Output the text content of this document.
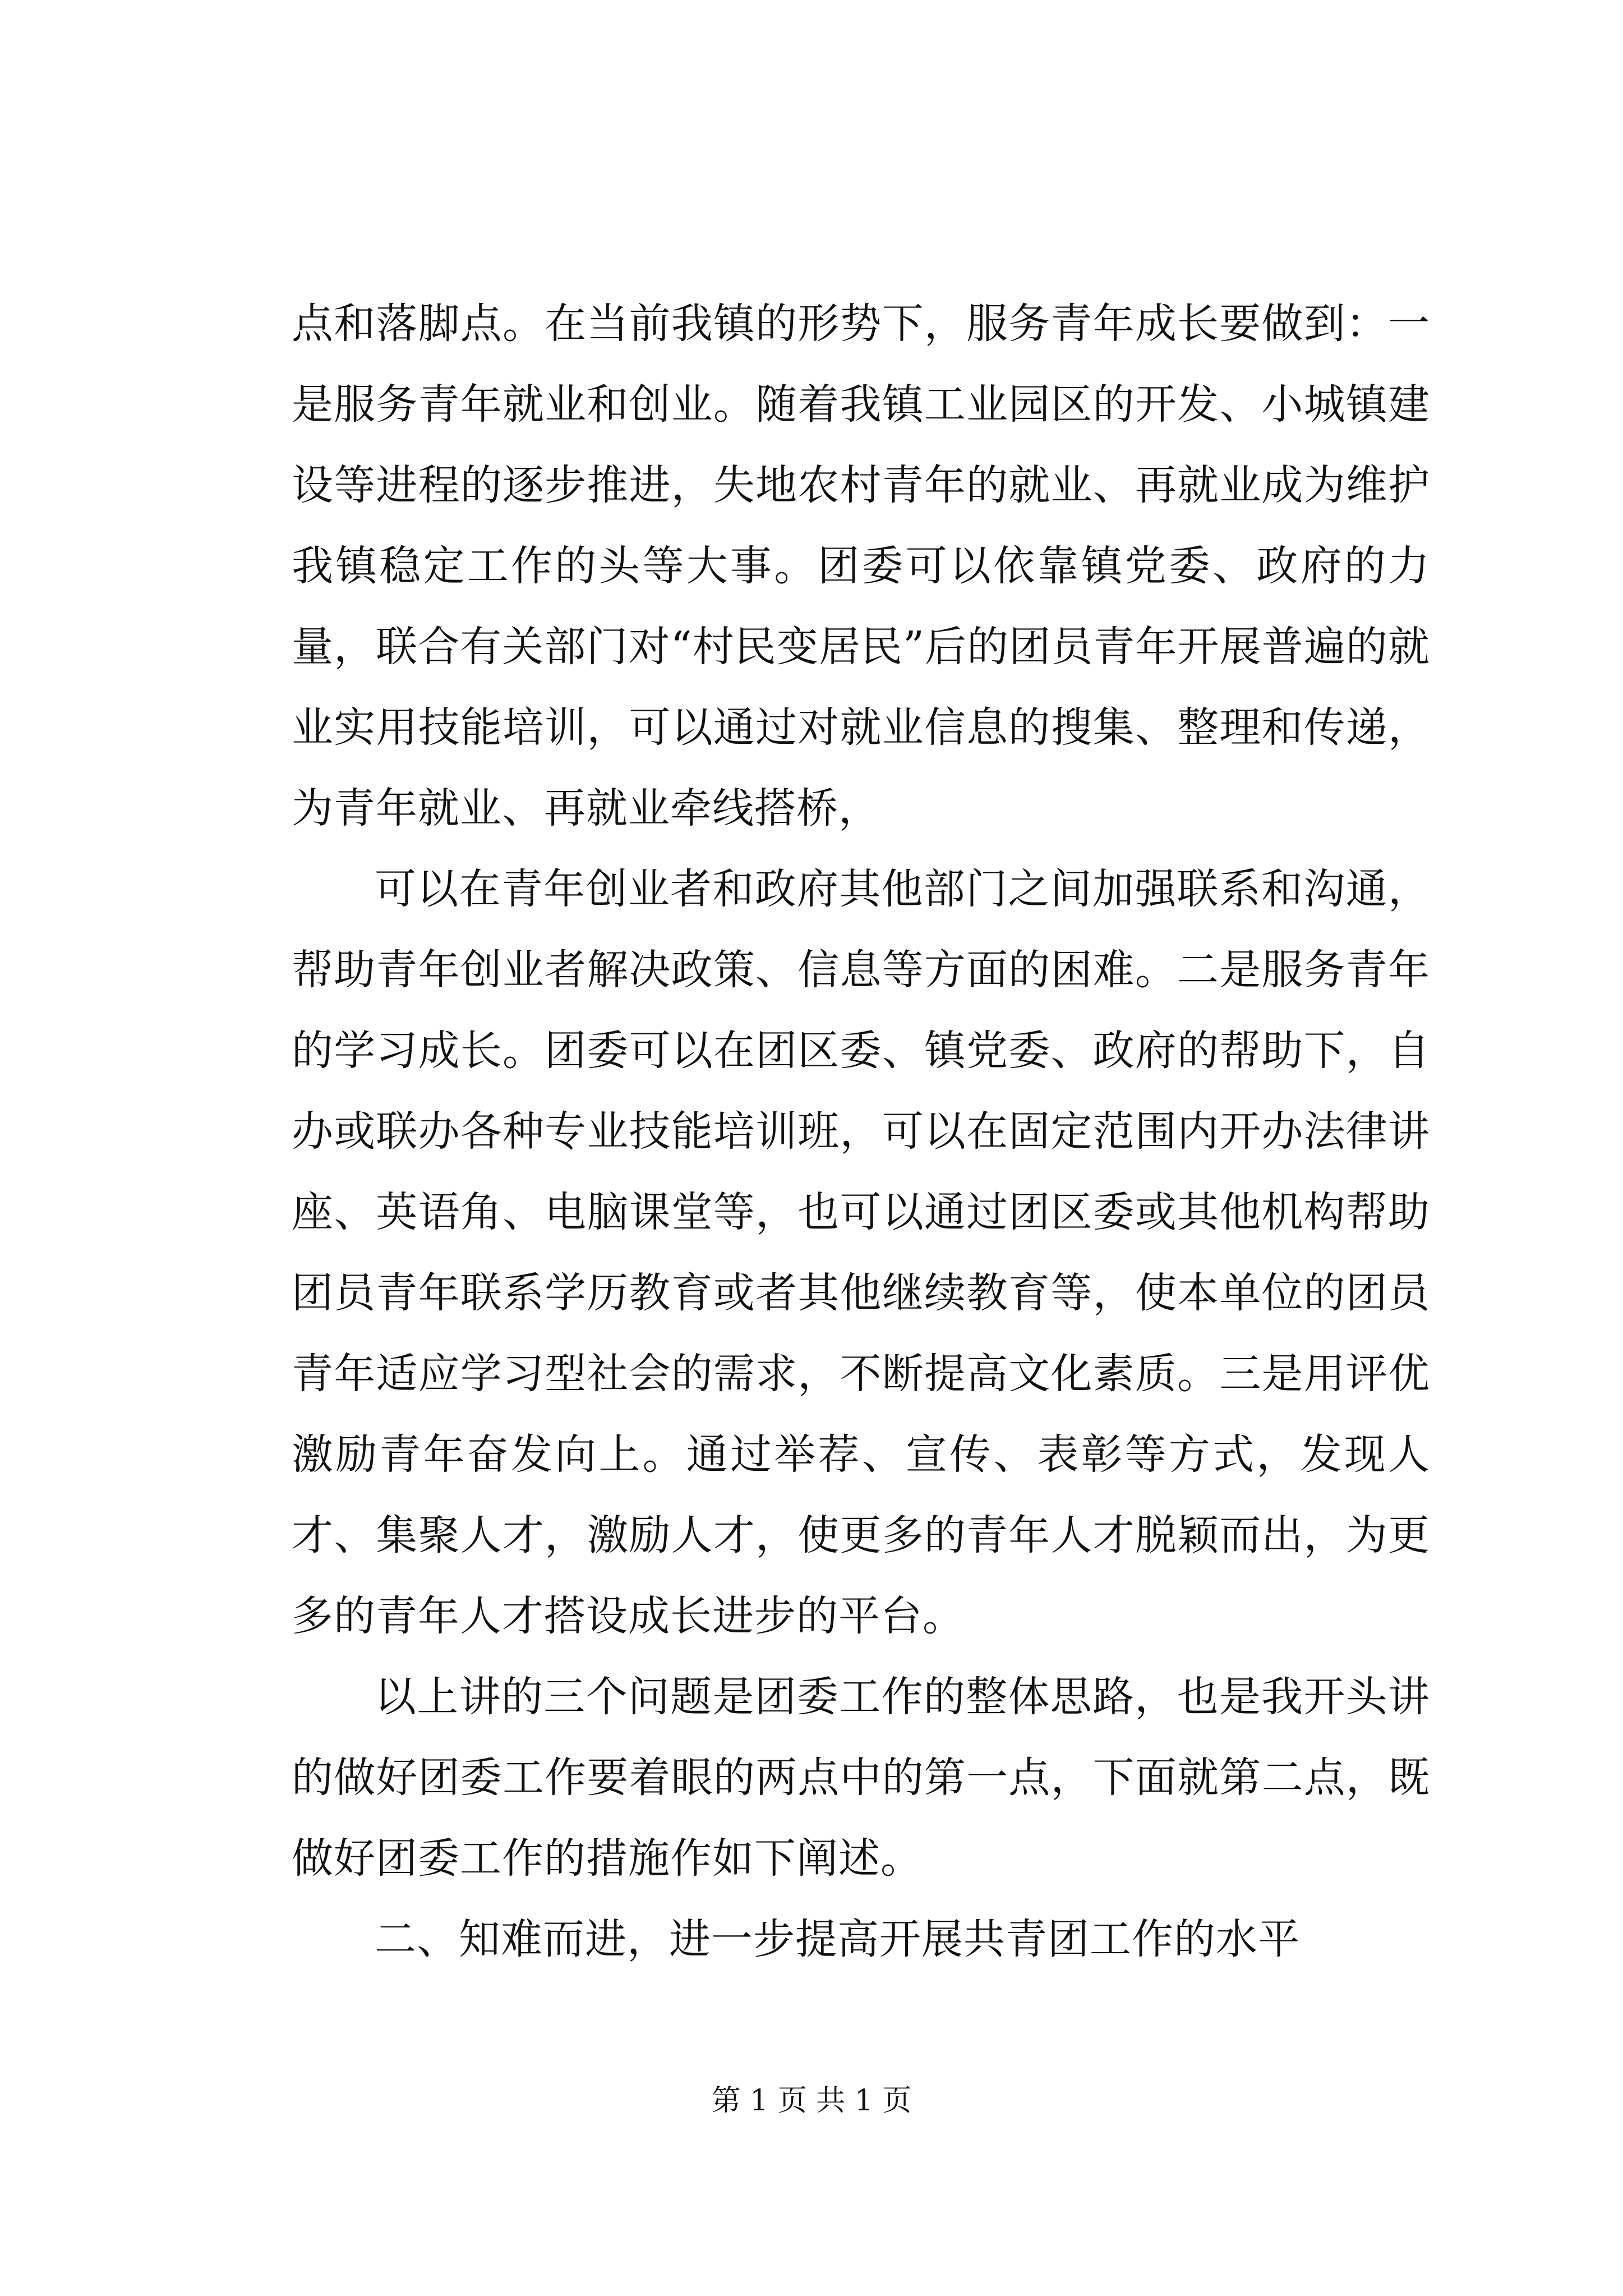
点和落脚点。在当前我镇的形势下，服务青年成长要做到：一是服务青年就业和创业。随着我镇工业园区的开发、小城镇建设等进程的逐步推进，失地农村青年的就业、再就业成为维护我镇稳定工作的头等大事。团委可以依靠镇党委、政府的力量，联合有关部门对“村民变居民”后的团员青年开展普遍的就业实用技能培训，可以通过对就业信息的搜集、整理和传递，为青年就业、再就业牵线搭桥，

可以在青年创业者和政府其他部门之间加强联系和沟通，帮助青年创业者解决政策、信息等方面的困难。二是服务青年的学习成长。团委可以在团区委、镇党委、政府的帮助下，自办或联办各种专业技能培训班，可以在固定范围内开办法律讲座、英语角、电脑课堂等，也可以通过团区委或其他机构帮助团员青年联系学历教育或者其他继续教育等，使本单位的团员青年适应学习型社会的需求，不断提高文化素质。三是用评优激励青年奋发向上。通过举荐、宣传、表彰等方式，发现人才、集聚人才，激励人才，使更多的青年人才脱颖而出，为更多的青年人才搭设成长进步的平台。

以上讲的三个问题是团委工作的整体思路，也是我开头讲的做好团委工作要着眼的两点中的第一点，下面就第二点，既做好团委工作的措施作如下阐述。

二、知难而进，进一步提高开展共青团工作的水平

第 1 页 共 1 页
